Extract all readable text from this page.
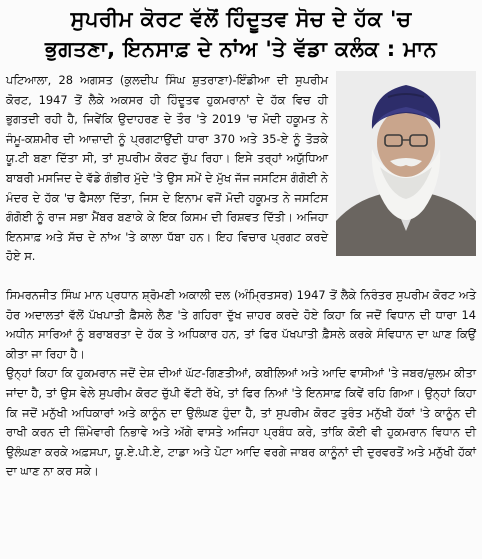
ਸੁਪਰੀਮ ਕੋਰਟ ਵੱਲੋਂ ਹਿੰਦੂਤਵ ਸੋਚ ਦੇ ਹੱਕ 'ਚ
ਭੁਗਤਣਾ, ਇਨਸਾਫ਼ ਦੇ ਨਾਂਅ 'ਤੇ ਵੱਡਾ ਕਲੰਕ : ਮਾਨ
ਪਟਿਆਲਾ, 28 ਅਗਸਤ (ਕੁਲਦੀਪ ਸਿੰਘ ਸ਼ੁਤਰਾਣਾ)-ਇੰਡੀਆ ਦੀ ਸੁਪਰੀਮ ਕੋਰਟ, 1947 ਤੋਂ ਲੈਕੇ ਅਕਸਰ ਹੀ ਹਿੰਦੂਤਵ ਹੁਕਮਰਾਨਾਂ ਦੇ ਹੱਕ ਵਿਚ ਹੀ ਭੁਗਤਦੀ ਰਹੀ ਹੈ, ਜਿਵੇਂਕਿ ਉਦਾਹਰਣ ਦੇ ਤੌਰ 'ਤੇ 2019 'ਚ ਮੋਦੀ ਹਕੂਮਤ ਨੇ ਜੰਮੂ-ਕਸ਼ਮੀਰ ਦੀ ਆਜ਼ਾਦੀ ਨੂੰ ਪ੍ਰਗਟਾਉਂਦੀ ਧਾਰਾ 370 ਅਤੇ 35-ਏ ਨੂੰ ਤੋੜਕੇ ਯੂ.ਟੀ ਬਣਾ ਦਿੱਤਾ ਸੀ, ਤਾਂ ਸੁਪਰੀਮ ਕੋਰਟ ਚੁੱਪ ਰਿਹਾ। ਇਸੇ ਤਰ੍ਹਾਂ ਅਯੁੱਧਿਆ ਬਾਬਰੀ ਮਸਜਿਦ ਦੇ ਵੱਡੇ ਗੰਭੀਰ ਮੁੱਦੇ 'ਤੇ ਉਸ ਸਮੇਂ ਦੇ ਮੁੱਖ ਜੱਜ ਜਸਟਿਸ ਗੰਗੋਈ ਨੇ ਮੰਦਰ ਦੇ ਹੱਕ 'ਚ ਫੈਸਲਾ ਦਿੱਤਾ, ਜਿਸ ਦੇ ਇਨਾਮ ਵਜੋਂ ਮੋਦੀ ਹਕੂਮਤ ਨੇ ਜਸਟਿਸ ਗੰਗੋਈ ਨੂੰ ਰਾਜ ਸਭਾ ਮੈਂਬਰ ਬਣਾਕੇ ਕੇ ਇਕ ਕਿਸਮ ਦੀ ਰਿਸ਼ਵਤ ਦਿੱਤੀ। ਅਜਿਹਾ ਇਨਸਾਫ਼ ਅਤੇ ਸੱਚ ਦੇ ਨਾਂਅ 'ਤੇ ਕਾਲਾ ਧੱਬਾ ਹਨ। ਇਹ ਵਿਚਾਰ ਪ੍ਰਗਟ ਕਰਦੇ ਹੋਏ ਸ.

ਸਿਮਰਨਜੀਤ ਸਿੰਘ ਮਾਨ ਪ੍ਰਧਾਨ ਸ਼੍ਰੋਮਣੀ ਅਕਾਲੀ ਦਲ (ਅੰਮ੍ਰਿਤਸਰ) 1947 ਤੋਂ ਲੈਕੇ ਨਿਰੰਤਰ ਸੁਪਰੀਮ ਕੋਰਟ ਅਤੇ ਹੋਰ ਅਦਾਲਤਾਂ ਵੱਲੋਂ ਪੱਖਪਾਤੀ ਫ਼ੈਸਲੇ ਲੈਣ 'ਤੇ ਗਹਿਰਾ ਦੁੱਖ ਜ਼ਾਹਰ ਕਰਦੇ ਹੋਏ ਕਿਹਾ ਕਿ ਜਦੋਂ ਵਿਧਾਨ ਦੀ ਧਾਰਾ 14 ਅਧੀਨ ਸਾਰਿਆਂ ਨੂੰ ਬਰਾਬਰਤਾ ਦੇ ਹੱਕ ਤੇ ਅਧਿਕਾਰ ਹਨ, ਤਾਂ ਫਿਰ ਪੱਖਪਾਤੀ ਫ਼ੈਸਲੇ ਕਰਕੇ ਸੰਵਿਧਾਨ ਦਾ ਘਾਣ ਕਿਉਂ ਕੀਤਾ ਜਾ ਰਿਹਾ ਹੈ।

ਉਨ੍ਹਾਂ ਕਿਹਾ ਕਿ ਹੁਕਮਰਾਨ ਜਦੋਂ ਦੇਸ਼ ਦੀਆਂ ਘੱਟ-ਗਿਣਤੀਆਂ, ਕਬੀਲਿਆਂ ਅਤੇ ਆਦਿ ਵਾਸੀਆਂ 'ਤੇ ਜਬਰ/ਜ਼ੁਲਮ ਕੀਤਾ ਜਾਂਦਾ ਹੈ, ਤਾਂ ਉਸ ਵੇਲੇ ਸੁਪਰੀਮ ਕੋਰਟ ਚੁੱਪੀ ਵੱਟੀ ਰੱਖੇ, ਤਾਂ ਫਿਰ ਨਿਆਂ 'ਤੇ ਇਨਸਾਫ਼ ਕਿਵੇਂ ਰਹਿ ਗਿਆ। ਉਨ੍ਹਾਂ ਕਿਹਾ ਕਿ ਜਦੋਂ ਮਨੁੱਖੀ ਅਧਿਕਾਰਾਂ ਅਤੇ ਕਾਨੂੰਨ ਦਾ ਉਲੰਘਣ ਹੁੰਦਾ ਹੈ, ਤਾਂ ਸੁਪਰੀਮ ਕੋਰਟ ਤੁਰੰਤ ਮਨੁੱਖੀ ਹੱਕਾਂ 'ਤੇ ਕਾਨੂੰਨ ਦੀ ਰਾਖੀ ਕਰਨ ਦੀ ਜ਼ਿੰਮੇਵਾਰੀ ਨਿਭਾਵੇ ਅਤੇ ਅੱਗੇ ਵਾਸਤੇ ਅਜਿਹਾ ਪ੍ਰਬੰਧ ਕਰੇ, ਤਾਂਕਿ ਕੋਈ ਵੀ ਹੁਕਮਰਾਨ ਵਿਧਾਨ ਦੀ ਉਲੰਘਣਾ ਕਰਕੇ ਅਫ਼ਸਪਾ, ਯੂ.ਏ.ਪੀ.ਏ, ਟਾਡਾ ਅਤੇ ਪੋਟਾ ਆਦਿ ਵਰਗੇ ਜਾਬਰ ਕਾਨੂੰਨਾਂ ਦੀ ਦੁਰਵਰਤੋਂ ਅਤੇ ਮਨੁੱਖੀ ਹੱਕਾਂ ਦਾ ਘਾਣ ਨਾ ਕਰ ਸਕੇ।
